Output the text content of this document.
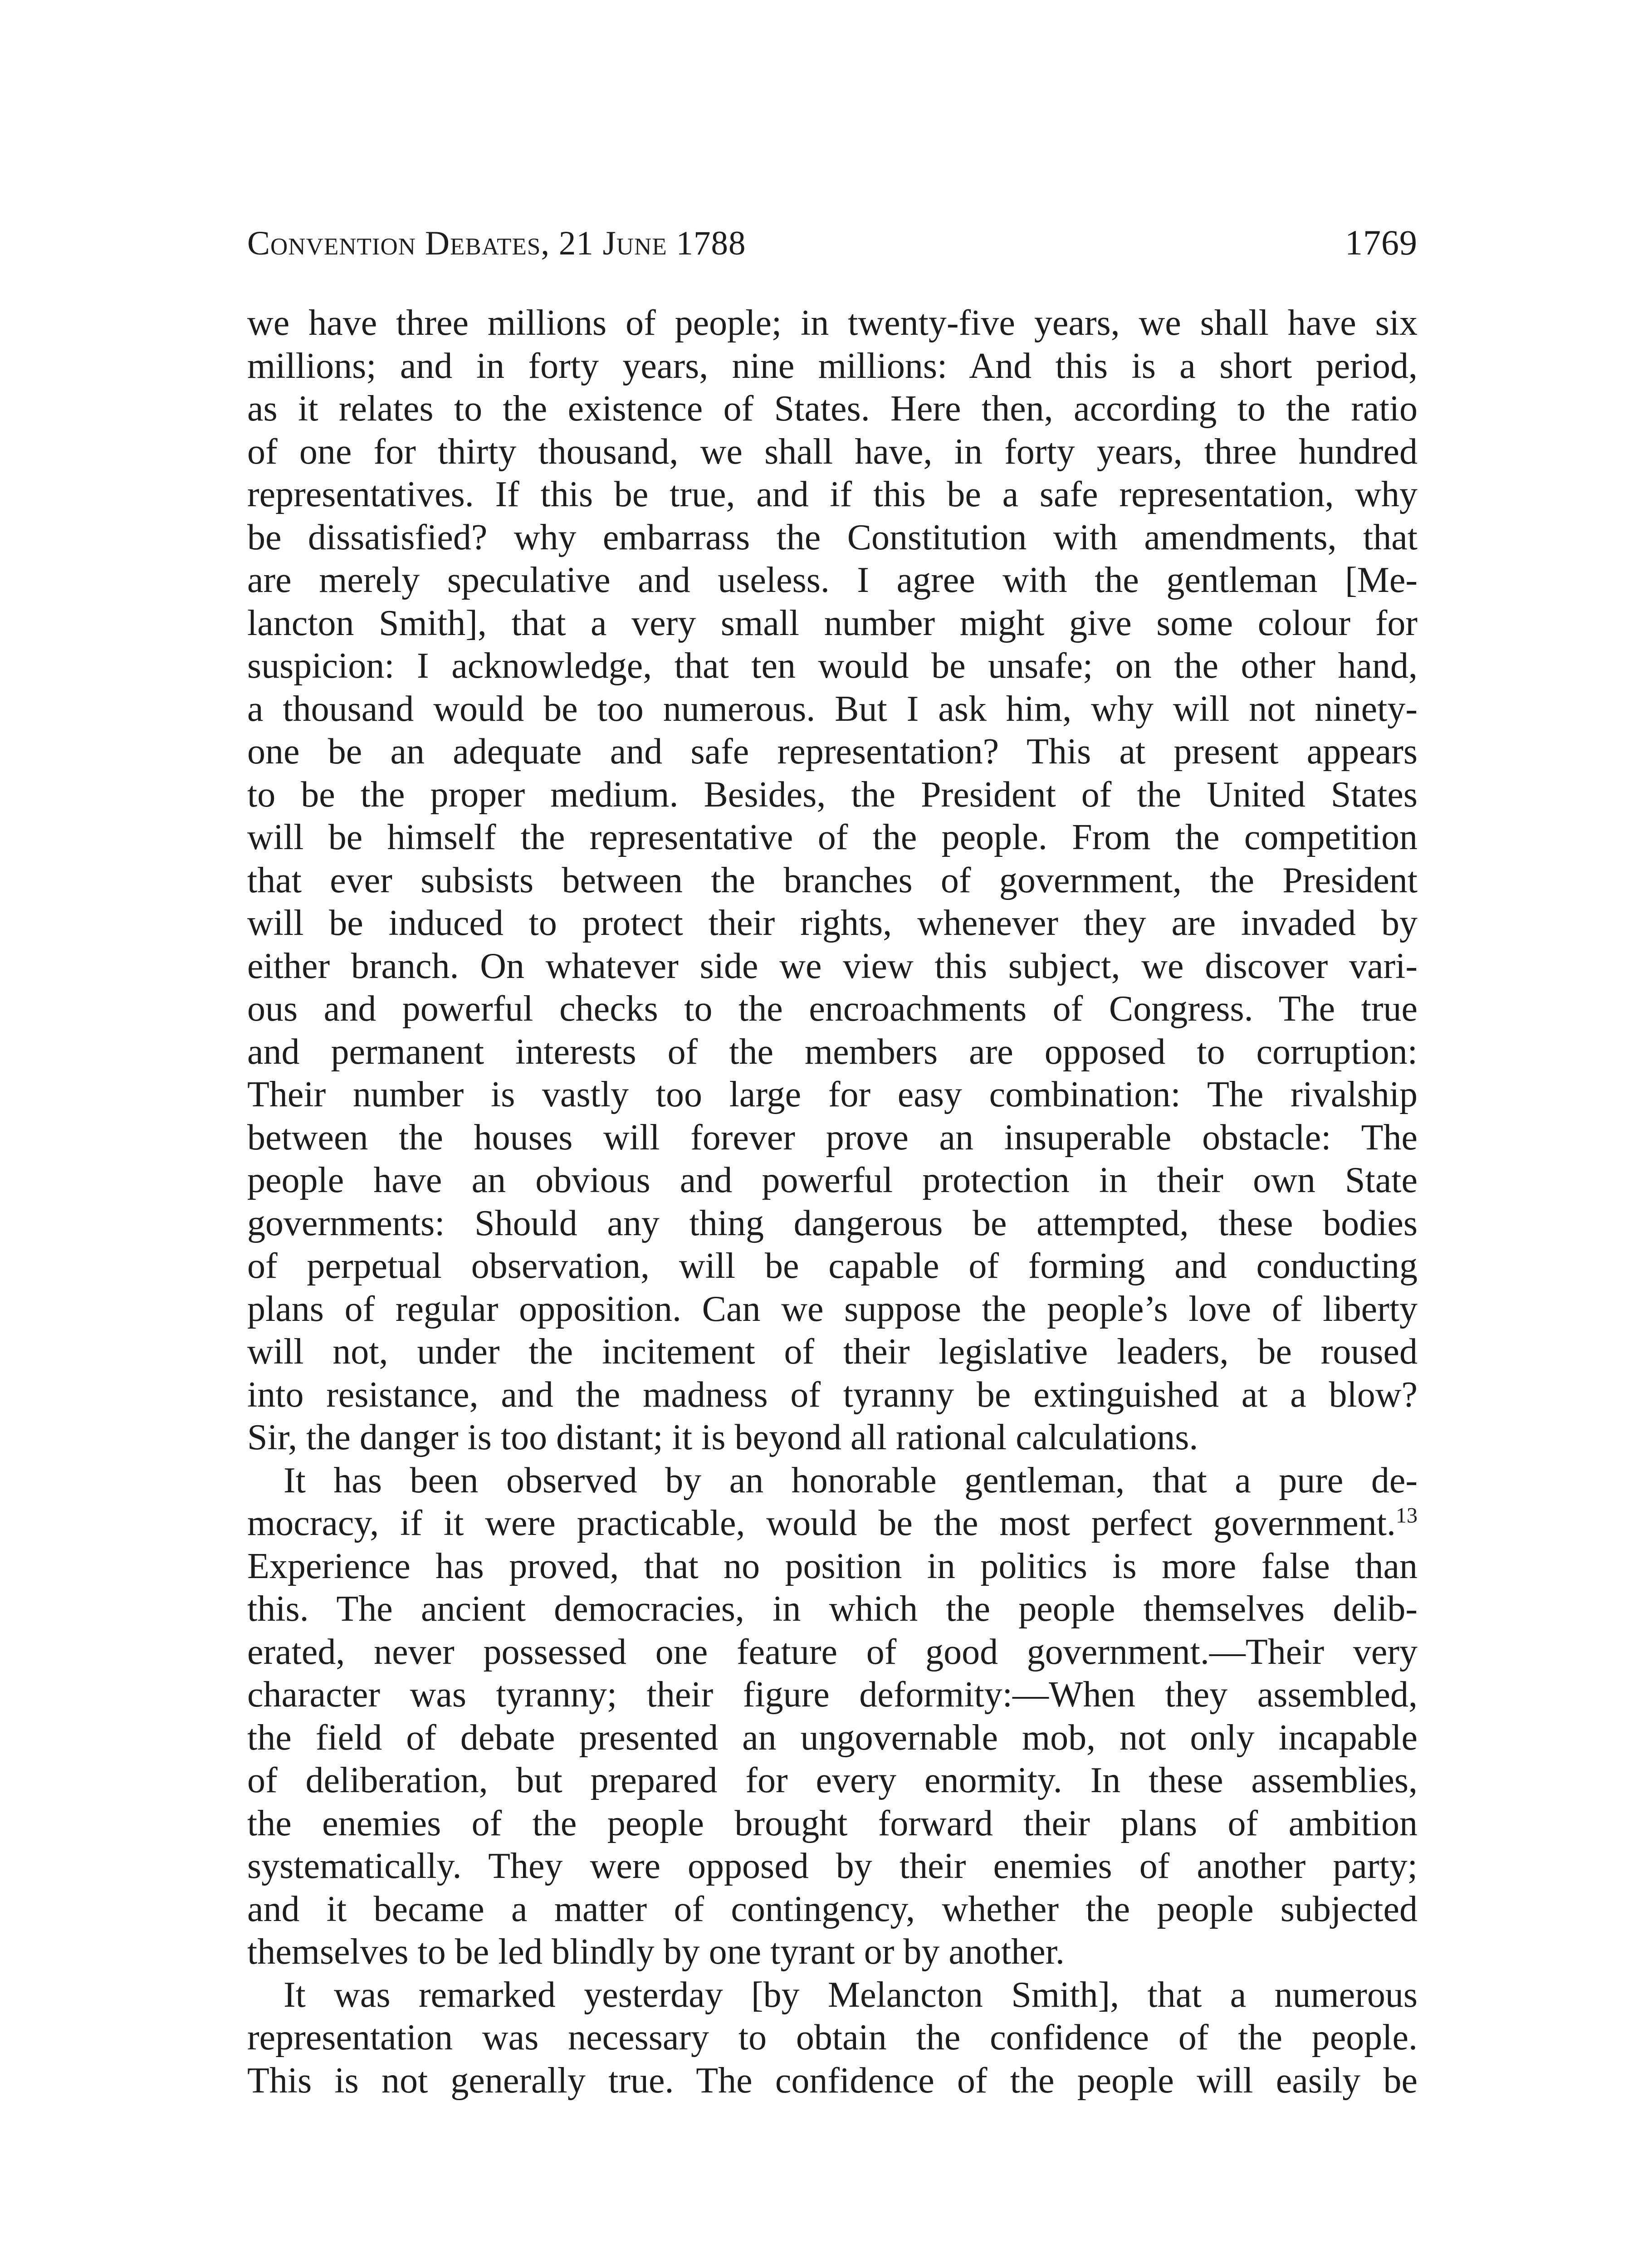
Convention Debates, 21 June 1788	1769

we have three millions of people; in twenty-five years, we shall have six
millions; and in forty years, nine millions: And this is a short period,
as it relates to the existence of States. Here then, according to the ratio
of one for thirty thousand, we shall have, in forty years, three hundred
representatives. If this be true, and if this be a safe representation, why
be dissatisfied? why embarrass the Constitution with amendments, that
are merely speculative and useless. I agree with the gentleman [Me-
lancton Smith], that a very small number might give some colour for
suspicion: I acknowledge, that ten would be unsafe; on the other hand,
a thousand would be too numerous. But I ask him, why will not ninety-
one be an adequate and safe representation? This at present appears
to be the proper medium. Besides, the President of the United States
will be himself the representative of the people. From the competition
that ever subsists between the branches of government, the President
will be induced to protect their rights, whenever they are invaded by
either branch. On whatever side we view this subject, we discover vari-
ous and powerful checks to the encroachments of Congress. The true
and permanent interests of the members are opposed to corruption:
Their number is vastly too large for easy combination: The rivalship
between the houses will forever prove an insuperable obstacle: The
people have an obvious and powerful protection in their own State
governments: Should any thing dangerous be attempted, these bodies
of perpetual observation, will be capable of forming and conducting
plans of regular opposition. Can we suppose the people’s love of liberty
will not, under the incitement of their legislative leaders, be roused
into resistance, and the madness of tyranny be extinguished at a blow?
Sir, the danger is too distant; it is beyond all rational calculations.

It has been observed by an honorable gentleman, that a pure de-
mocracy, if it were practicable, would be the most perfect government.$^{13}$
Experience has proved, that no position in politics is more false than
this. The ancient democracies, in which the people themselves delib-
erated, never possessed one feature of good government.—Their very
character was tyranny; their figure deformity:—When they assembled,
the field of debate presented an ungovernable mob, not only incapable
of deliberation, but prepared for every enormity. In these assemblies,
the enemies of the people brought forward their plans of ambition
systematically. They were opposed by their enemies of another party;
and it became a matter of contingency, whether the people subjected
themselves to be led blindly by one tyrant or by another.

It was remarked yesterday [by Melancton Smith], that a numerous
representation was necessary to obtain the confidence of the people.
This is not generally true. The confidence of the people will easily be
